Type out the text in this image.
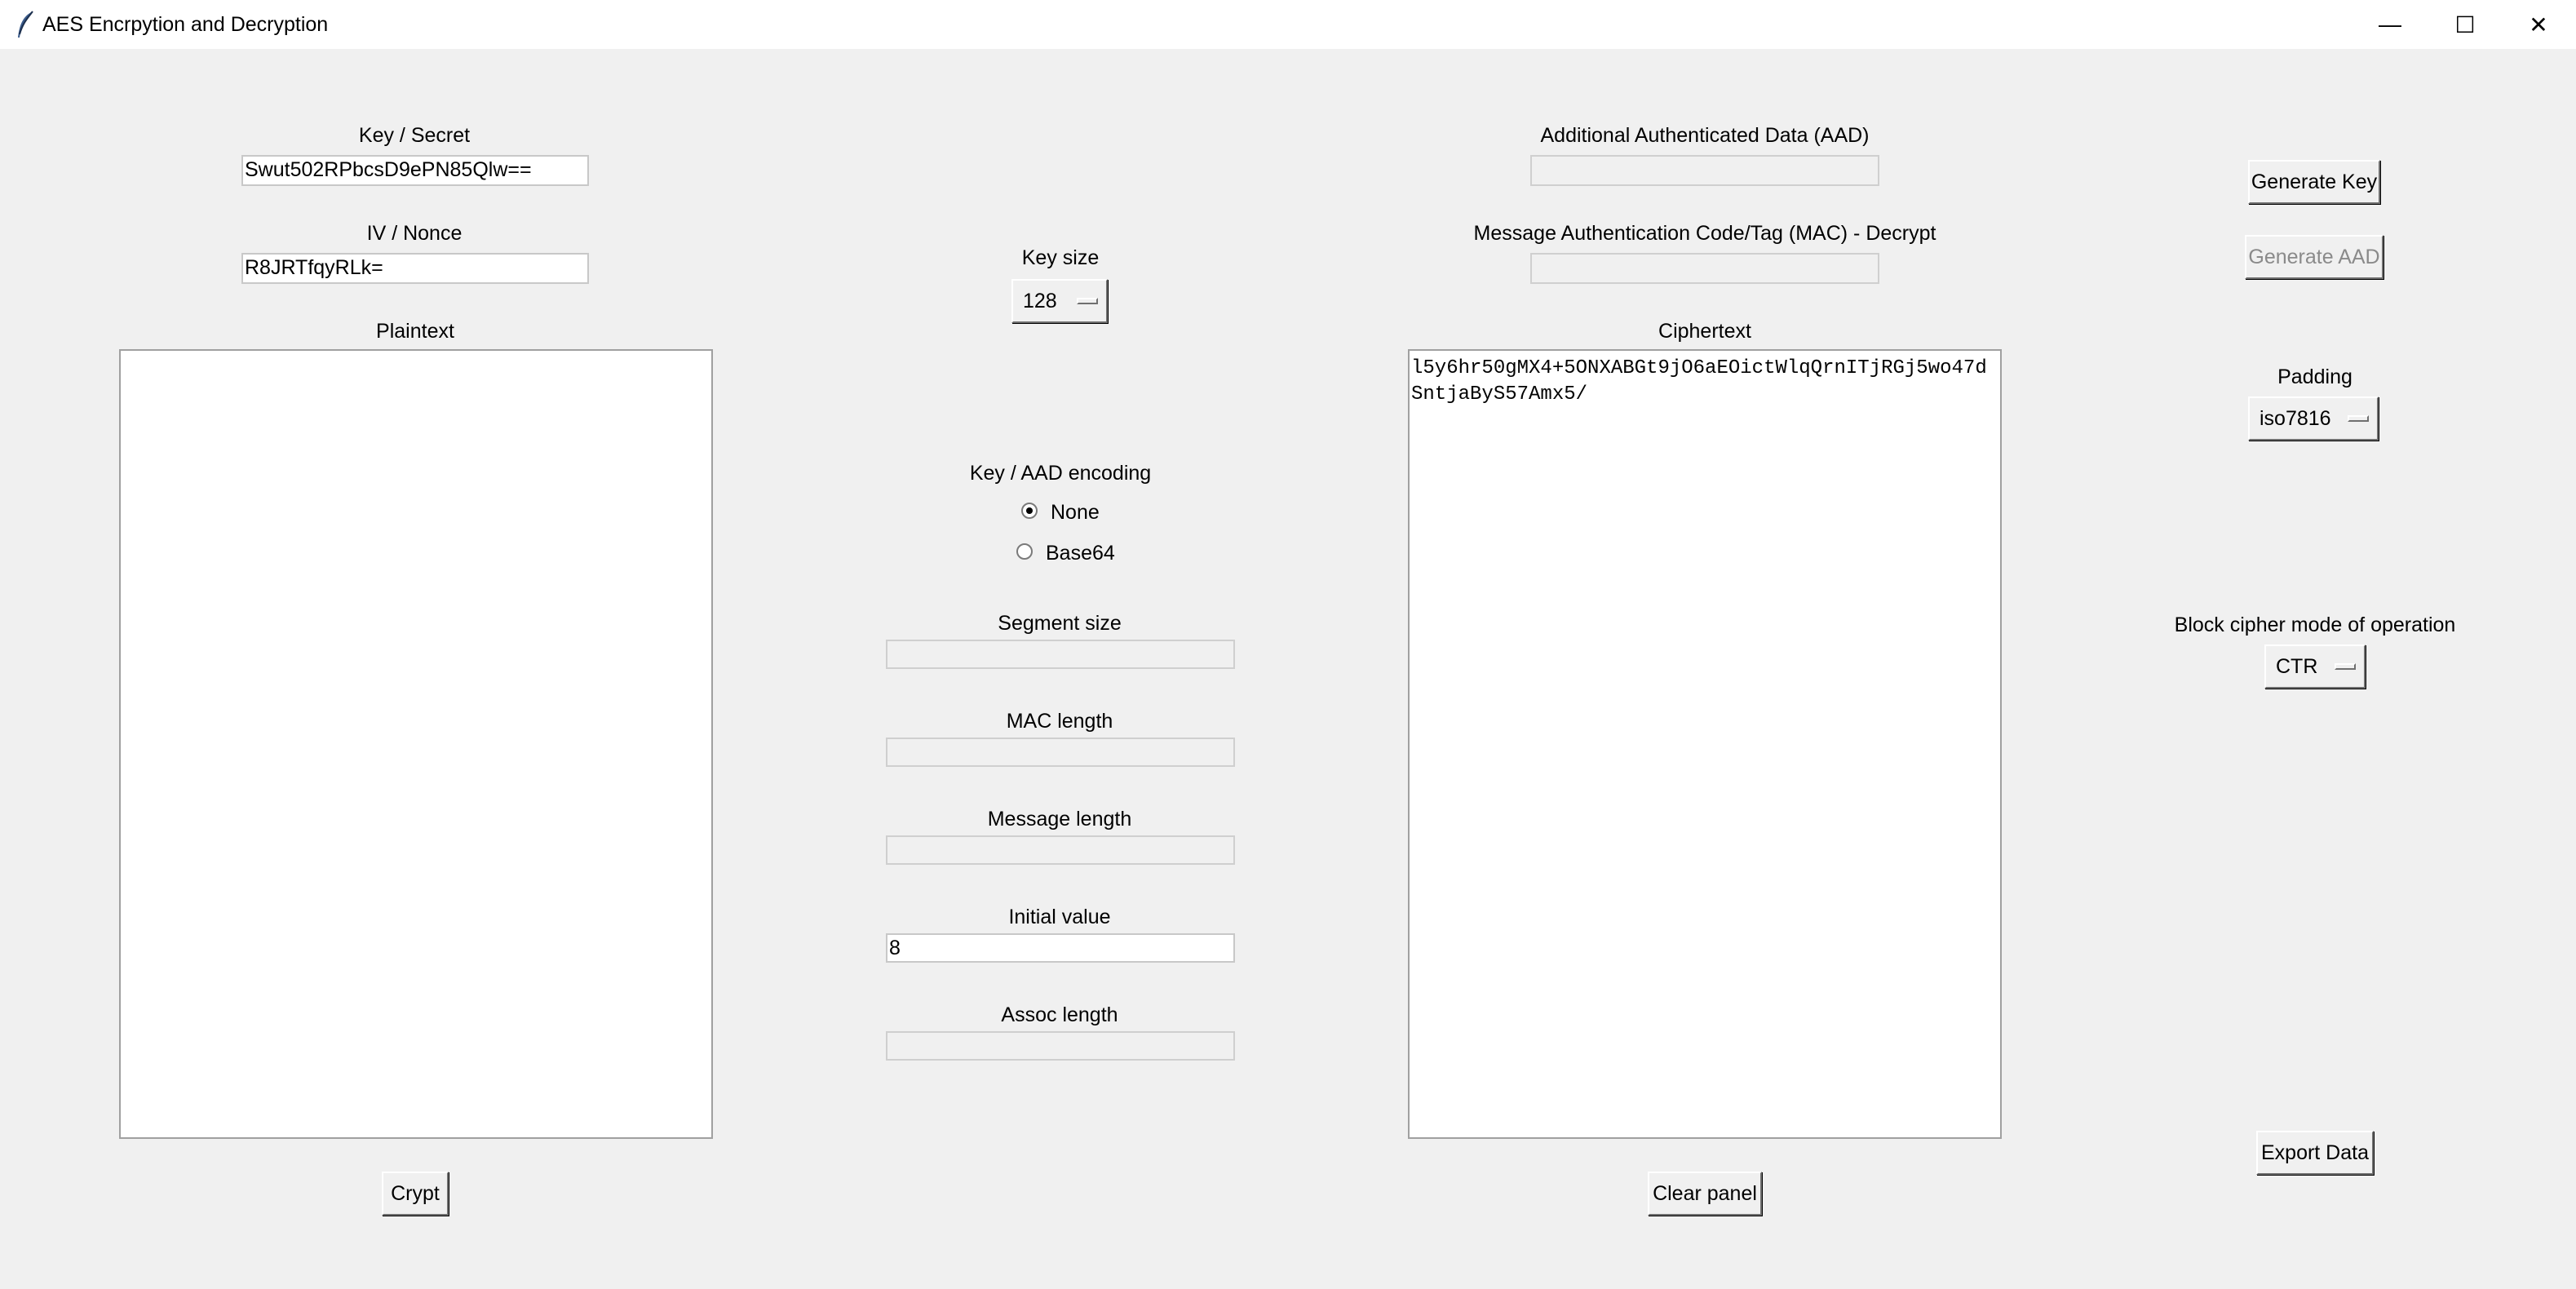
AES Encrpytion and Decryption	— ☐ ✕
Key / Secret
Swut502RPbcsD9ePN85Qlw==
IV / Nonce
R8JRTfqyRLk=
Plaintext
Crypt
Key size
128
Key / AAD encoding
None
Base64
Segment size
MAC length
Message length
Initial value
8
Assoc length
Additional Authenticated Data (AAD)
Message Authentication Code/Tag (MAC) - Decrypt
Ciphertext
l5y6hr50gMX4+5ONXABGt9jO6aEOictWlqQrnITjRGj5wo47dSntjaByS57Amx5/
Clear panel
Generate Key
Generate AAD
Padding
iso7816
Block cipher mode of operation
CTR
Export Data
